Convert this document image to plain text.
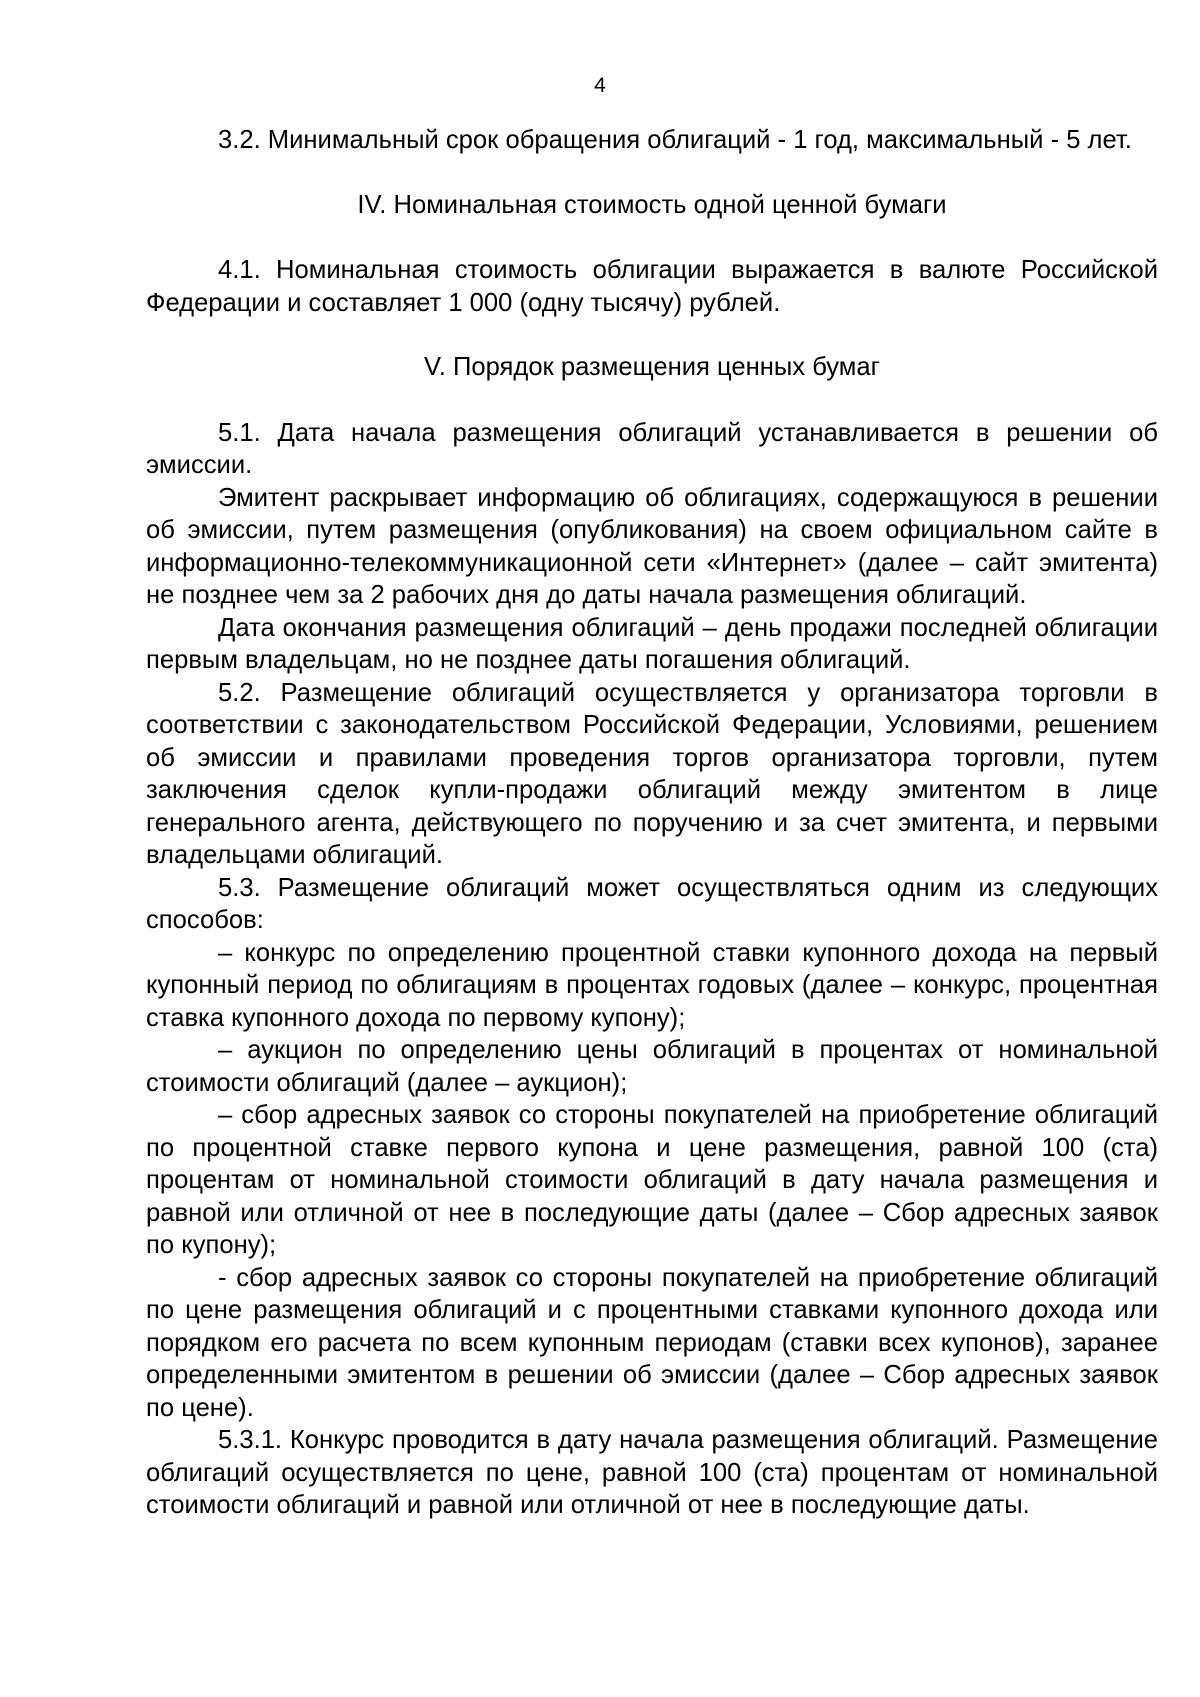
4

3.2. Минимальный срок обращения облигаций - 1 год, максимальный - 5 лет.

IV. Номинальная стоимость одной ценной бумаги

4.1. Номинальная стоимость облигации выражается в валюте Российской Федерации и составляет 1 000 (одну тысячу) рублей.

V. Порядок размещения ценных бумаг

5.1. Дата начала размещения облигаций устанавливается в решении об эмиссии.

Эмитент раскрывает информацию об облигациях, содержащуюся в решении об эмиссии, путем размещения (опубликования) на своем официальном сайте в информационно-телекоммуникационной сети «Интернет» (далее – сайт эмитента) не позднее чем за 2 рабочих дня до даты начала размещения облигаций.

Дата окончания размещения облигаций – день продажи последней облигации первым владельцам, но не позднее даты погашения облигаций.

5.2. Размещение облигаций осуществляется у организатора торговли в соответствии с законодательством Российской Федерации, Условиями, решением об эмиссии и правилами проведения торгов организатора торговли, путем заключения сделок купли-продажи облигаций между эмитентом в лице генерального агента, действующего по поручению и за счет эмитента, и первыми владельцами облигаций.

5.3. Размещение облигаций может осуществляться одним из следующих способов:

– конкурс по определению процентной ставки купонного дохода на первый купонный период по облигациям в процентах годовых (далее – конкурс, процентная ставка купонного дохода по первому купону);

– аукцион по определению цены облигаций в процентах от номинальной стоимости облигаций (далее – аукцион);

– сбор адресных заявок со стороны покупателей на приобретение облигаций по процентной ставке первого купона и цене размещения, равной 100 (ста) процентам от номинальной стоимости облигаций в дату начала размещения и равной или отличной от нее в последующие даты (далее – Сбор адресных заявок по купону);

- сбор адресных заявок со стороны покупателей на приобретение облигаций по цене размещения облигаций и с процентными ставками купонного дохода или порядком его расчета по всем купонным периодам (ставки всех купонов), заранее определенными эмитентом в решении об эмиссии (далее – Сбор адресных заявок по цене).

5.3.1. Конкурс проводится в дату начала размещения облигаций. Размещение облигаций осуществляется по цене, равной 100 (ста) процентам от номинальной стоимости облигаций и равной или отличной от нее в последующие даты.
